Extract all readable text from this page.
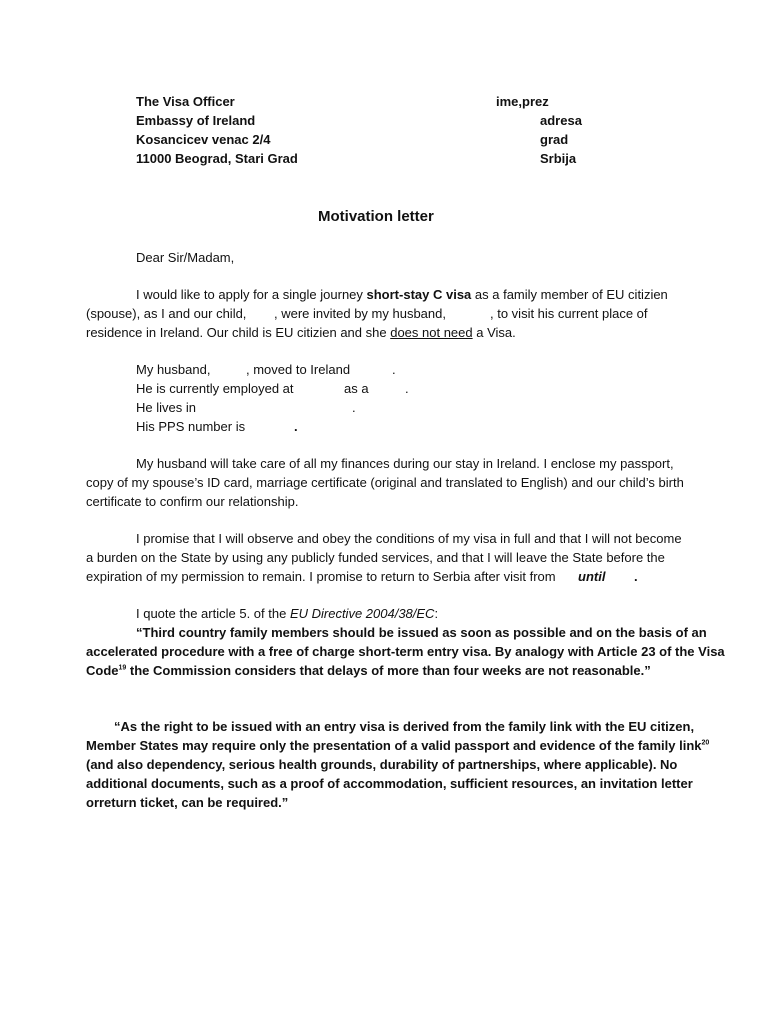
The Visa Officer
Embassy of Ireland
Kosancicev venac 2/4
11000 Beograd, Stari Grad
ime,prez
adresa
grad
Srbija
Motivation letter
Dear Sir/Madam,
I would like to apply for a single journey short-stay C visa as a family member of EU citizien
(spouse), as I and our child, , were invited by my husband,	, to visit his current place of
residence in Ireland. Our child is EU citizien and she does not need a Visa.
My husband,	, moved to Ireland	.
He is currently employed at	as a	.
He lives in	.
His PPS number is	.
My husband will take care of all my finances during our stay in Ireland. I enclose my passport,
copy of my spouse’s ID card, marriage certificate (original and translated to English) and our child’s birth
certificate to confirm our relationship.
I promise that I will observe and obey the conditions of my visa in full and that I will not become
a burden on the State by using any publicly funded services, and that I will leave the State before the
expiration of my permission to remain. I promise to return to Serbia after visit from until .
I quote the article 5. of the EU Directive 2004/38/EC:
“Third country family members should be issued as soon as possible and on the basis of an
accelerated procedure with a free of charge short-term entry visa. By analogy with Article 23 of the Visa
Code$^{19}$ the Commission considers that delays of more than four weeks are not reasonable.”
“As the right to be issued with an entry visa is derived from the family link with the EU citizen,
Member States may require only the presentation of a valid passport and evidence of the family link$^{20}$
(and also dependency, serious health grounds, durability of partnerships, where applicable). No
additional documents, such as a proof of accommodation, sufficient resources, an invitation letter
orreturn ticket, can be required.”
